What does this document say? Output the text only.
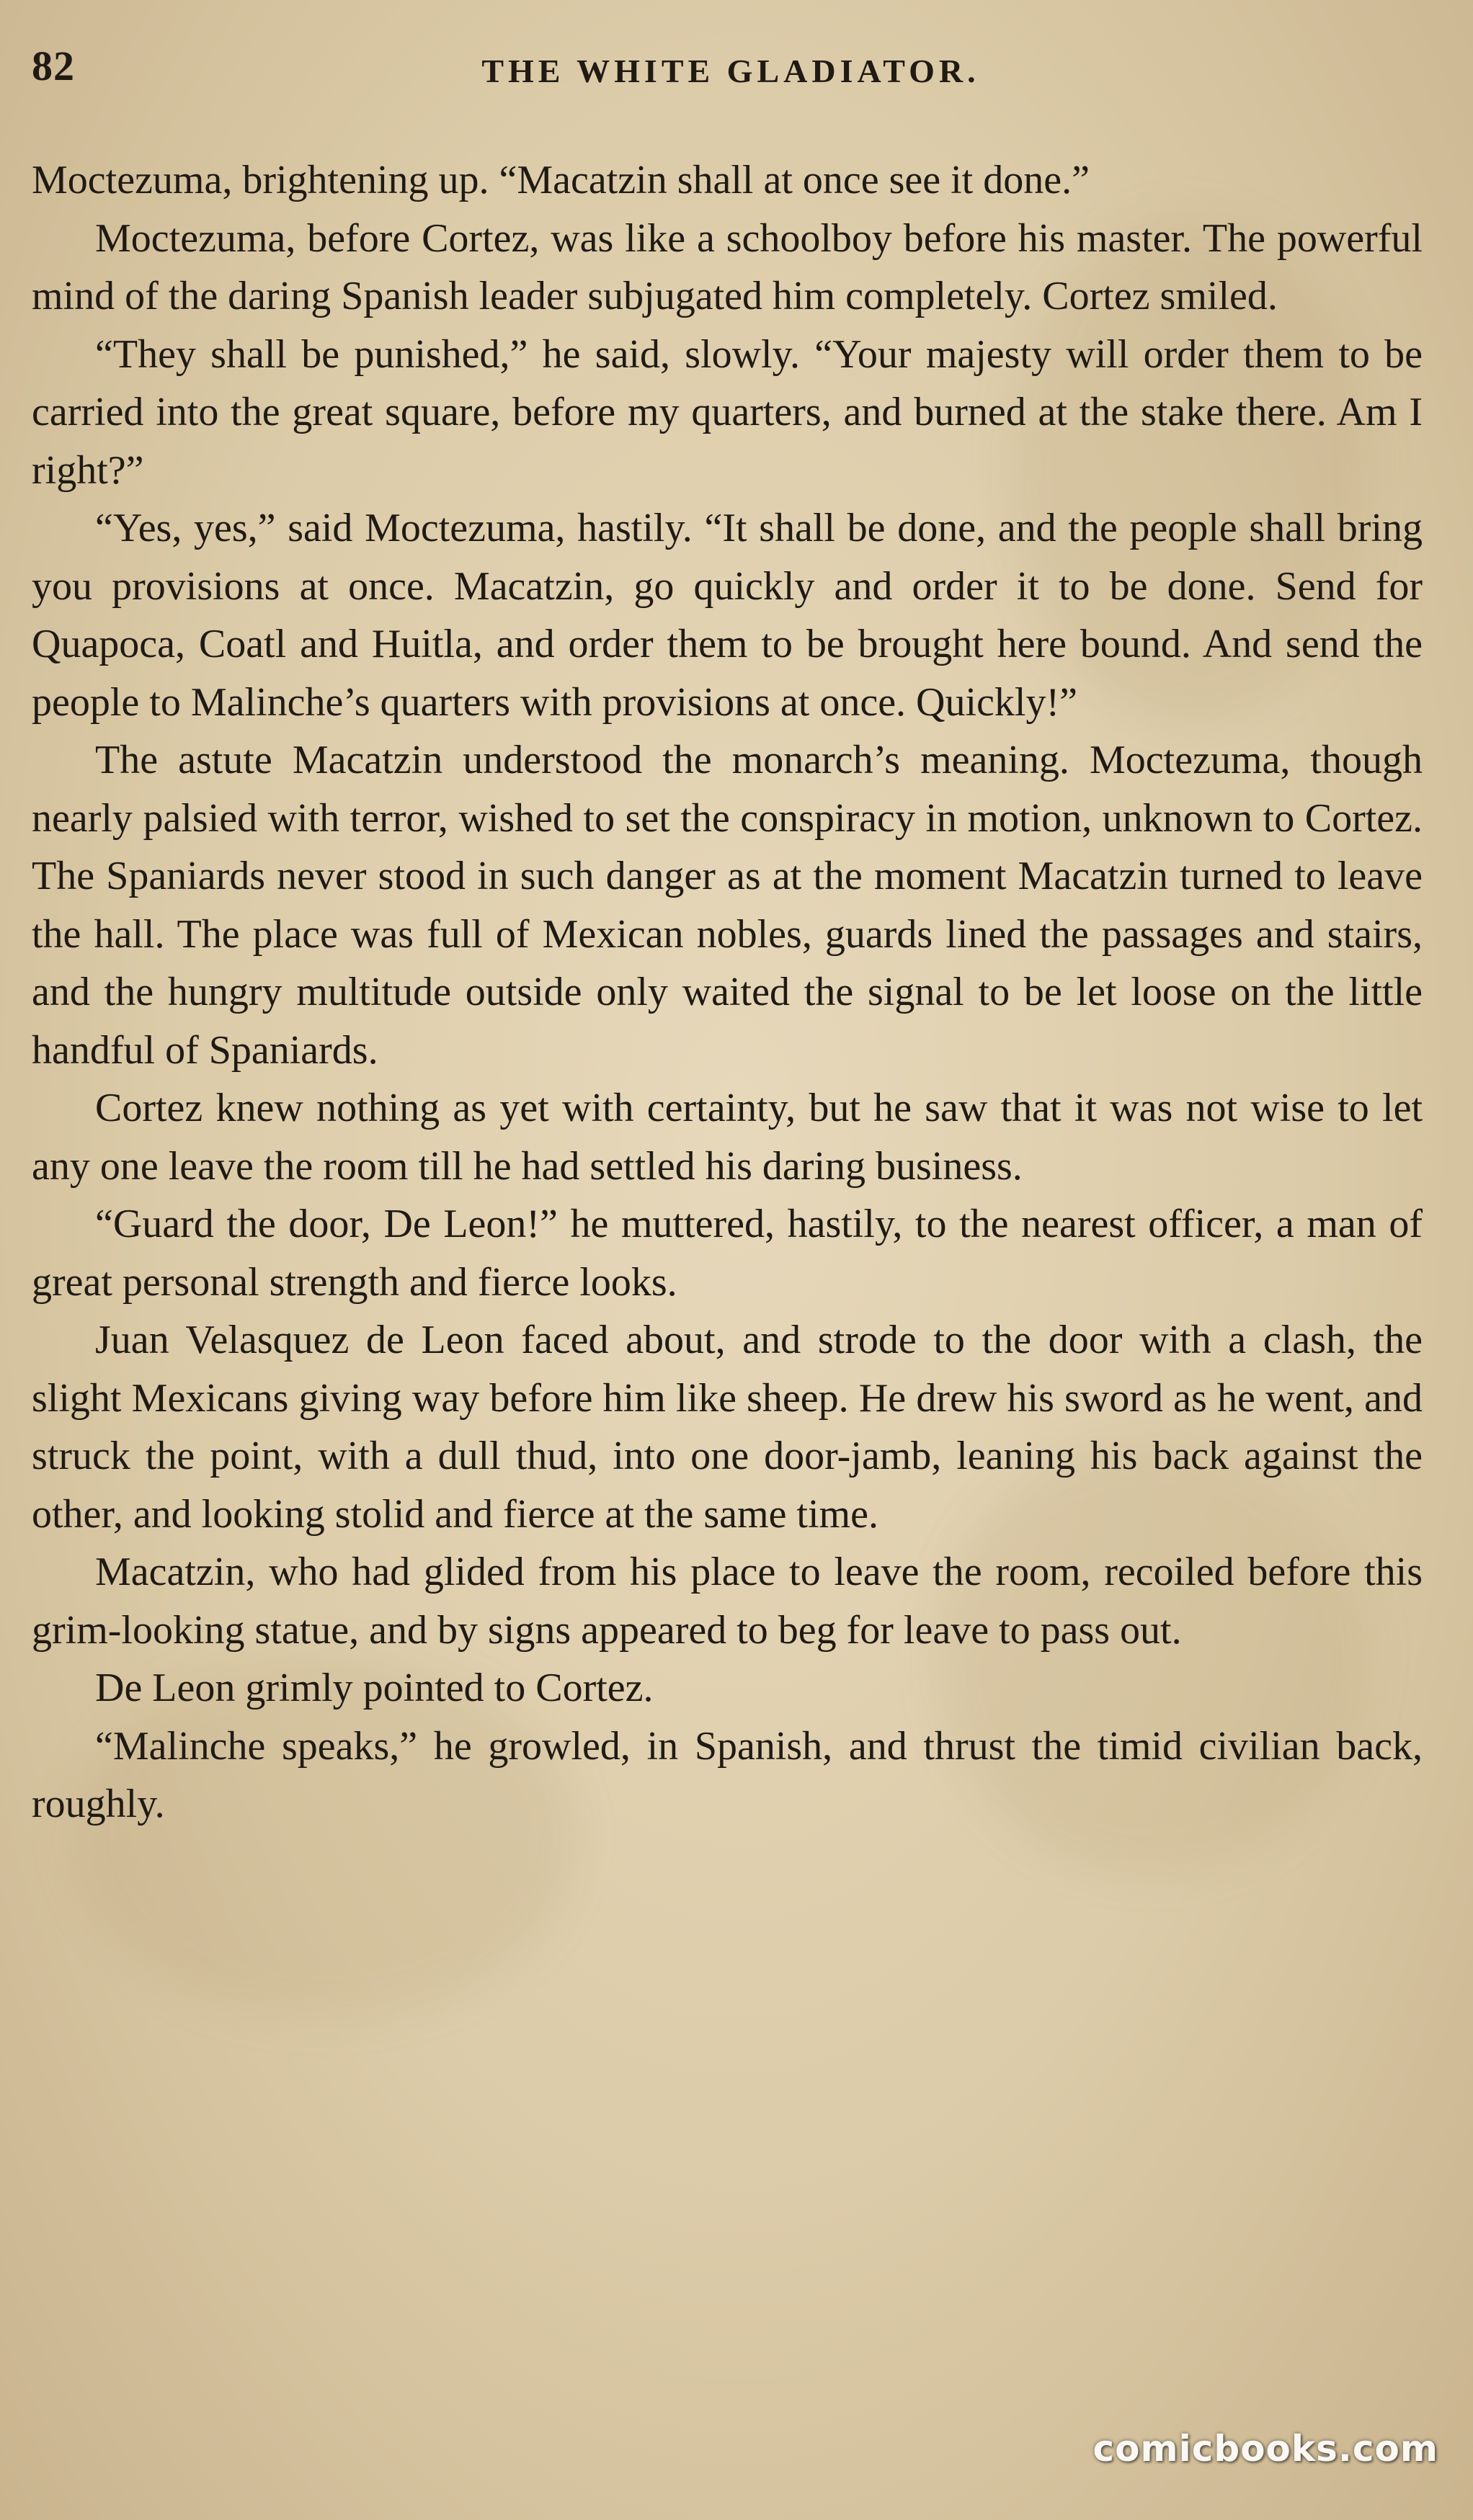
82	THE WHITE GLADIATOR.

Moctezuma, brightening up. “Macatzin shall at once see it done.”

Moctezuma, before Cortez, was like a schoolboy before his master. The powerful mind of the daring Spanish leader subjugated him completely. Cortez smiled.

“They shall be punished,” he said, slowly. “Your majesty will order them to be carried into the great square, before my quarters, and burned at the stake there. Am I right?”

“Yes, yes,” said Moctezuma, hastily. “It shall be done, and the people shall bring you provisions at once. Macatzin, go quickly and order it to be done. Send for Quapoca, Coatl and Huitla, and order them to be brought here bound. And send the people to Malinche’s quarters with provisions at once. Quickly!”

The astute Macatzin understood the monarch’s meaning. Moctezuma, though nearly palsied with terror, wished to set the conspiracy in motion, unknown to Cortez. The Spaniards never stood in such danger as at the moment Macatzin turned to leave the hall. The place was full of Mexican nobles, guards lined the passages and stairs, and the hungry multitude outside only waited the signal to be let loose on the little handful of Spaniards.

Cortez knew nothing as yet with certainty, but he saw that it was not wise to let any one leave the room till he had settled his daring business.

“Guard the door, De Leon!” he muttered, hastily, to the nearest officer, a man of great personal strength and fierce looks.

Juan Velasquez de Leon faced about, and strode to the door with a clash, the slight Mexicans giving way before him like sheep. He drew his sword as he went, and struck the point, with a dull thud, into one door-jamb, leaning his back against the other, and looking stolid and fierce at the same time.

Macatzin, who had glided from his place to leave the room, recoiled before this grim-looking statue, and by signs appeared to beg for leave to pass out.

De Leon grimly pointed to Cortez.

“Malinche speaks,” he growled, in Spanish, and thrust the timid civilian back, roughly.

comicbooks.com
